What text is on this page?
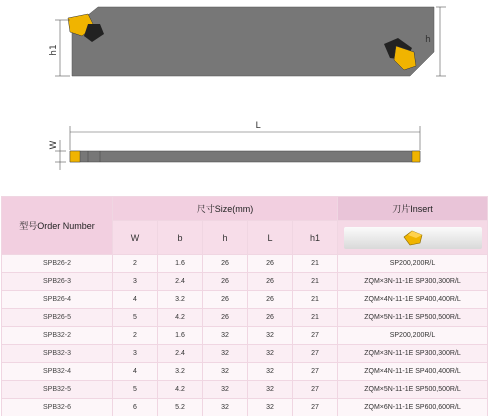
h1
h
L
W
型号Order Number	尺寸Size(mm)					刀片Insert
	W	b	h	L	h1	

SPB26-2	2	1.6	26	26	21	SP200,200R/L
SPB26-3	3	2.4	26	26	21	ZQM×3N-11-1E SP300,300R/L
SPB26-4	4	3.2	26	26	21	ZQM×4N-11-1E SP400,400R/L
SPB26-5	5	4.2	26	26	21	ZQM×5N-11-1E SP500,500R/L
SPB32-2	2	1.6	32	32	27	SP200,200R/L
SPB32-3	3	2.4	32	32	27	ZQM×3N-11-1E SP300,300R/L
SPB32-4	4	3.2	32	32	27	ZQM×4N-11-1E SP400,400R/L
SPB32-5	5	4.2	32	32	27	ZQM×5N-11-1E SP500,500R/L
SPB32-6	6	5.2	32	32	27	ZQM×6N-11-1E SP600,600R/L
